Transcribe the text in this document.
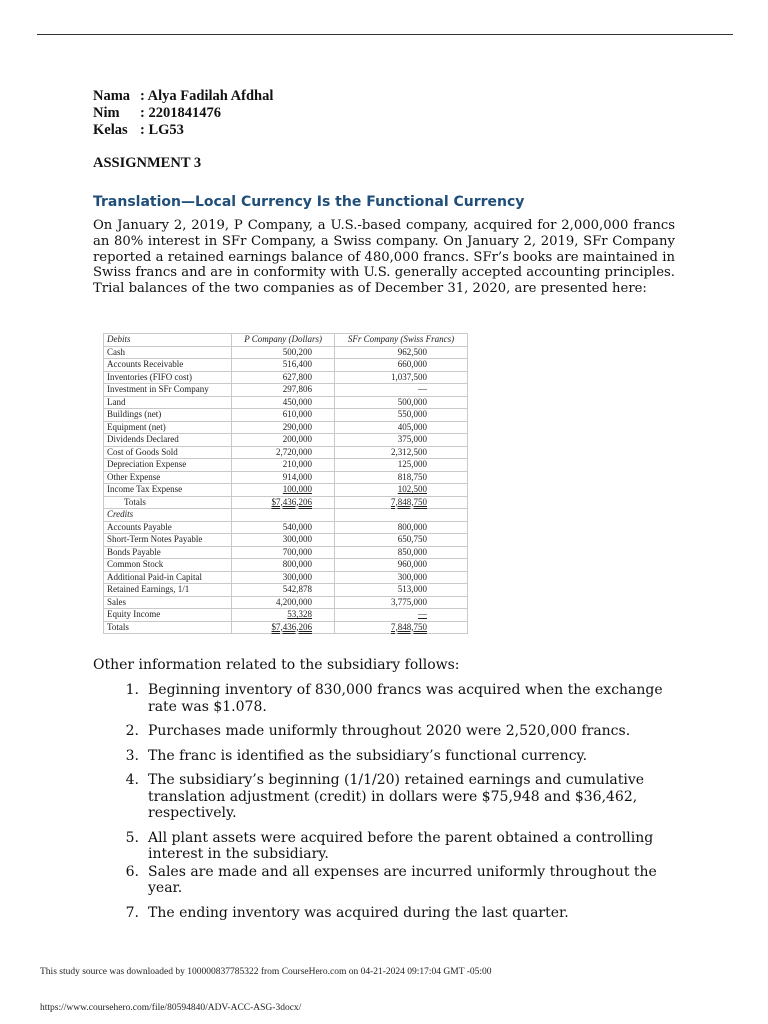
Nama : Alya Fadilah Afdhal
Nim	: 2201841476
Kelas : LG53
ASSIGNMENT 3
Translation—Local Currency Is the Functional Currency
On January 2, 2019, P Company, a U.S.-based company, acquired for 2,000,000 francs an 80% interest in SFr Company, a Swiss company. On January 2, 2019, SFr Company reported a retained earnings balance of 480,000 francs. SFr’s books are maintained in Swiss francs and are in conformity with U.S. generally accepted accounting principles. Trial balances of the two companies as of December 31, 2020, are presented here:
Debits	P Company (Dollars)	SFr Company (Swiss Francs)
Cash	500,200	962,500
Accounts Receivable	516,400	660,000
Inventories (FIFO cost)	627,800	1,037,500
Investment in SFr Company	297,806	—
Land	450,000	500,000
Buildings (net)	610,000	550,000
Equipment (net)	290,000	405,000
Dividends Declared	200,000	375,000
Cost of Goods Sold	2,720,000	2,312,500
Depreciation Expense	210,000	125,000
Other Expense	914,000	818,750
Income Tax Expense	100,000	102,500
Totals	$7,436,206	7,848,750
Credits		
Accounts Payable	540,000	800,000
Short-Term Notes Payable	300,000	650,750
Bonds Payable	700,000	850,000
Common Stock	800,000	960,000
Additional Paid-in Capital	300,000	300,000
Retained Earnings, 1/1	542,878	513,000
Sales	4,200,000	3,775,000
Equity Income	53,328	—
Totals	$7,436,206	7,848,750
Other information related to the subsidiary follows:
1. Beginning inventory of 830,000 francs was acquired when the exchange rate was $1.078.
2. Purchases made uniformly throughout 2020 were 2,520,000 francs.
3. The franc is identified as the subsidiary’s functional currency.
4. The subsidiary’s beginning (1/1/20) retained earnings and cumulative translation adjustment (credit) in dollars were $75,948 and $36,462, respectively.
5. All plant assets were acquired before the parent obtained a controlling interest in the subsidiary.
6. Sales are made and all expenses are incurred uniformly throughout the year.
7. The ending inventory was acquired during the last quarter.
This study source was downloaded by 100000837785322 from CourseHero.com on 04-21-2024 09:17:04 GMT -05:00
https://www.coursehero.com/file/80594840/ADV-ACC-ASG-3docx/
